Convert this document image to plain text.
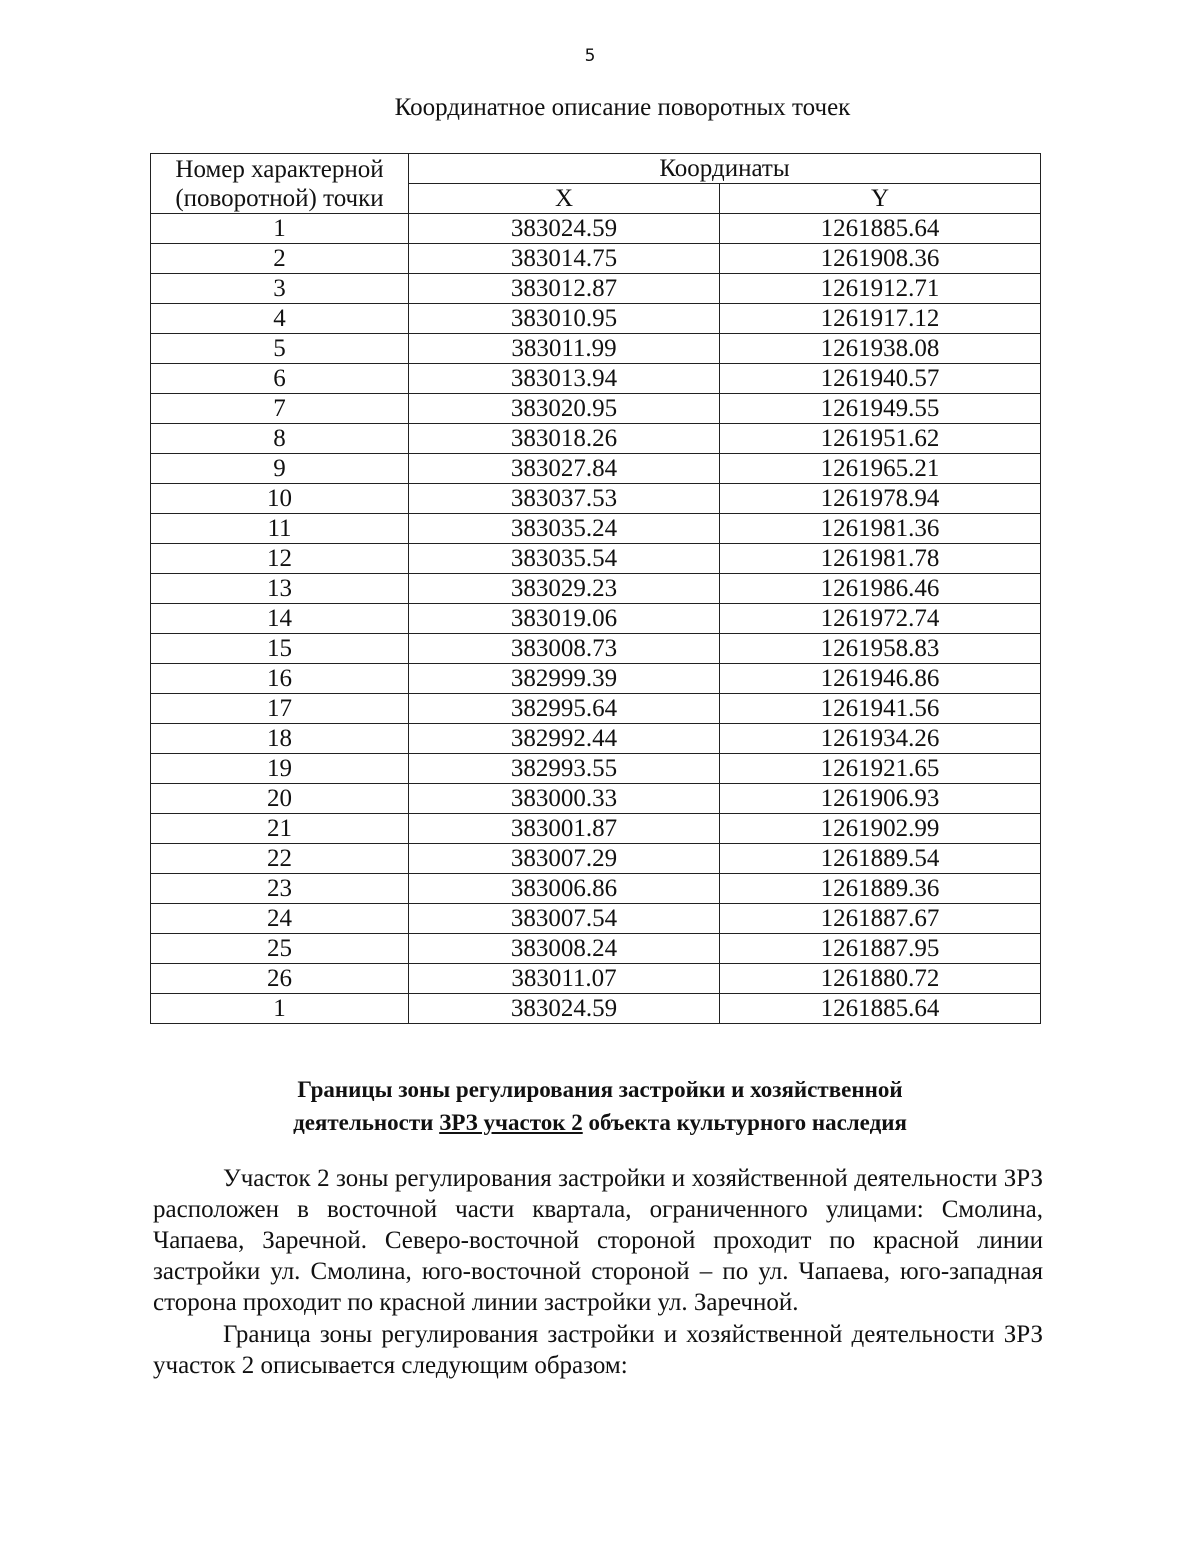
5
Координатное описание поворотных точек
Номер характерной (поворотной) точки	Координаты	
	X	Y
1	383024.59	1261885.64
2	383014.75	1261908.36
3	383012.87	1261912.71
4	383010.95	1261917.12
5	383011.99	1261938.08
6	383013.94	1261940.57
7	383020.95	1261949.55
8	383018.26	1261951.62
9	383027.84	1261965.21
10	383037.53	1261978.94
11	383035.24	1261981.36
12	383035.54	1261981.78
13	383029.23	1261986.46
14	383019.06	1261972.74
15	383008.73	1261958.83
16	382999.39	1261946.86
17	382995.64	1261941.56
18	382992.44	1261934.26
19	382993.55	1261921.65
20	383000.33	1261906.93
21	383001.87	1261902.99
22	383007.29	1261889.54
23	383006.86	1261889.36
24	383007.54	1261887.67
25	383008.24	1261887.95
26	383011.07	1261880.72
1	383024.59	1261885.64
Границы зоны регулирования застройки и хозяйственной
деятельности ЗРЗ участок 2 объекта культурного наследия

Участок 2 зоны регулирования застройки и хозяйственной деятельности ЗРЗ расположен в восточной части квартала, ограниченного улицами: Смолина, Чапаева, Заречной. Северо-восточной стороной проходит по красной линии застройки ул. Смолина, юго-восточной стороной – по ул. Чапаева, юго-западная сторона проходит по красной линии застройки ул. Заречной.

Граница зоны регулирования застройки и хозяйственной деятельности ЗРЗ участок 2 описывается следующим образом:
